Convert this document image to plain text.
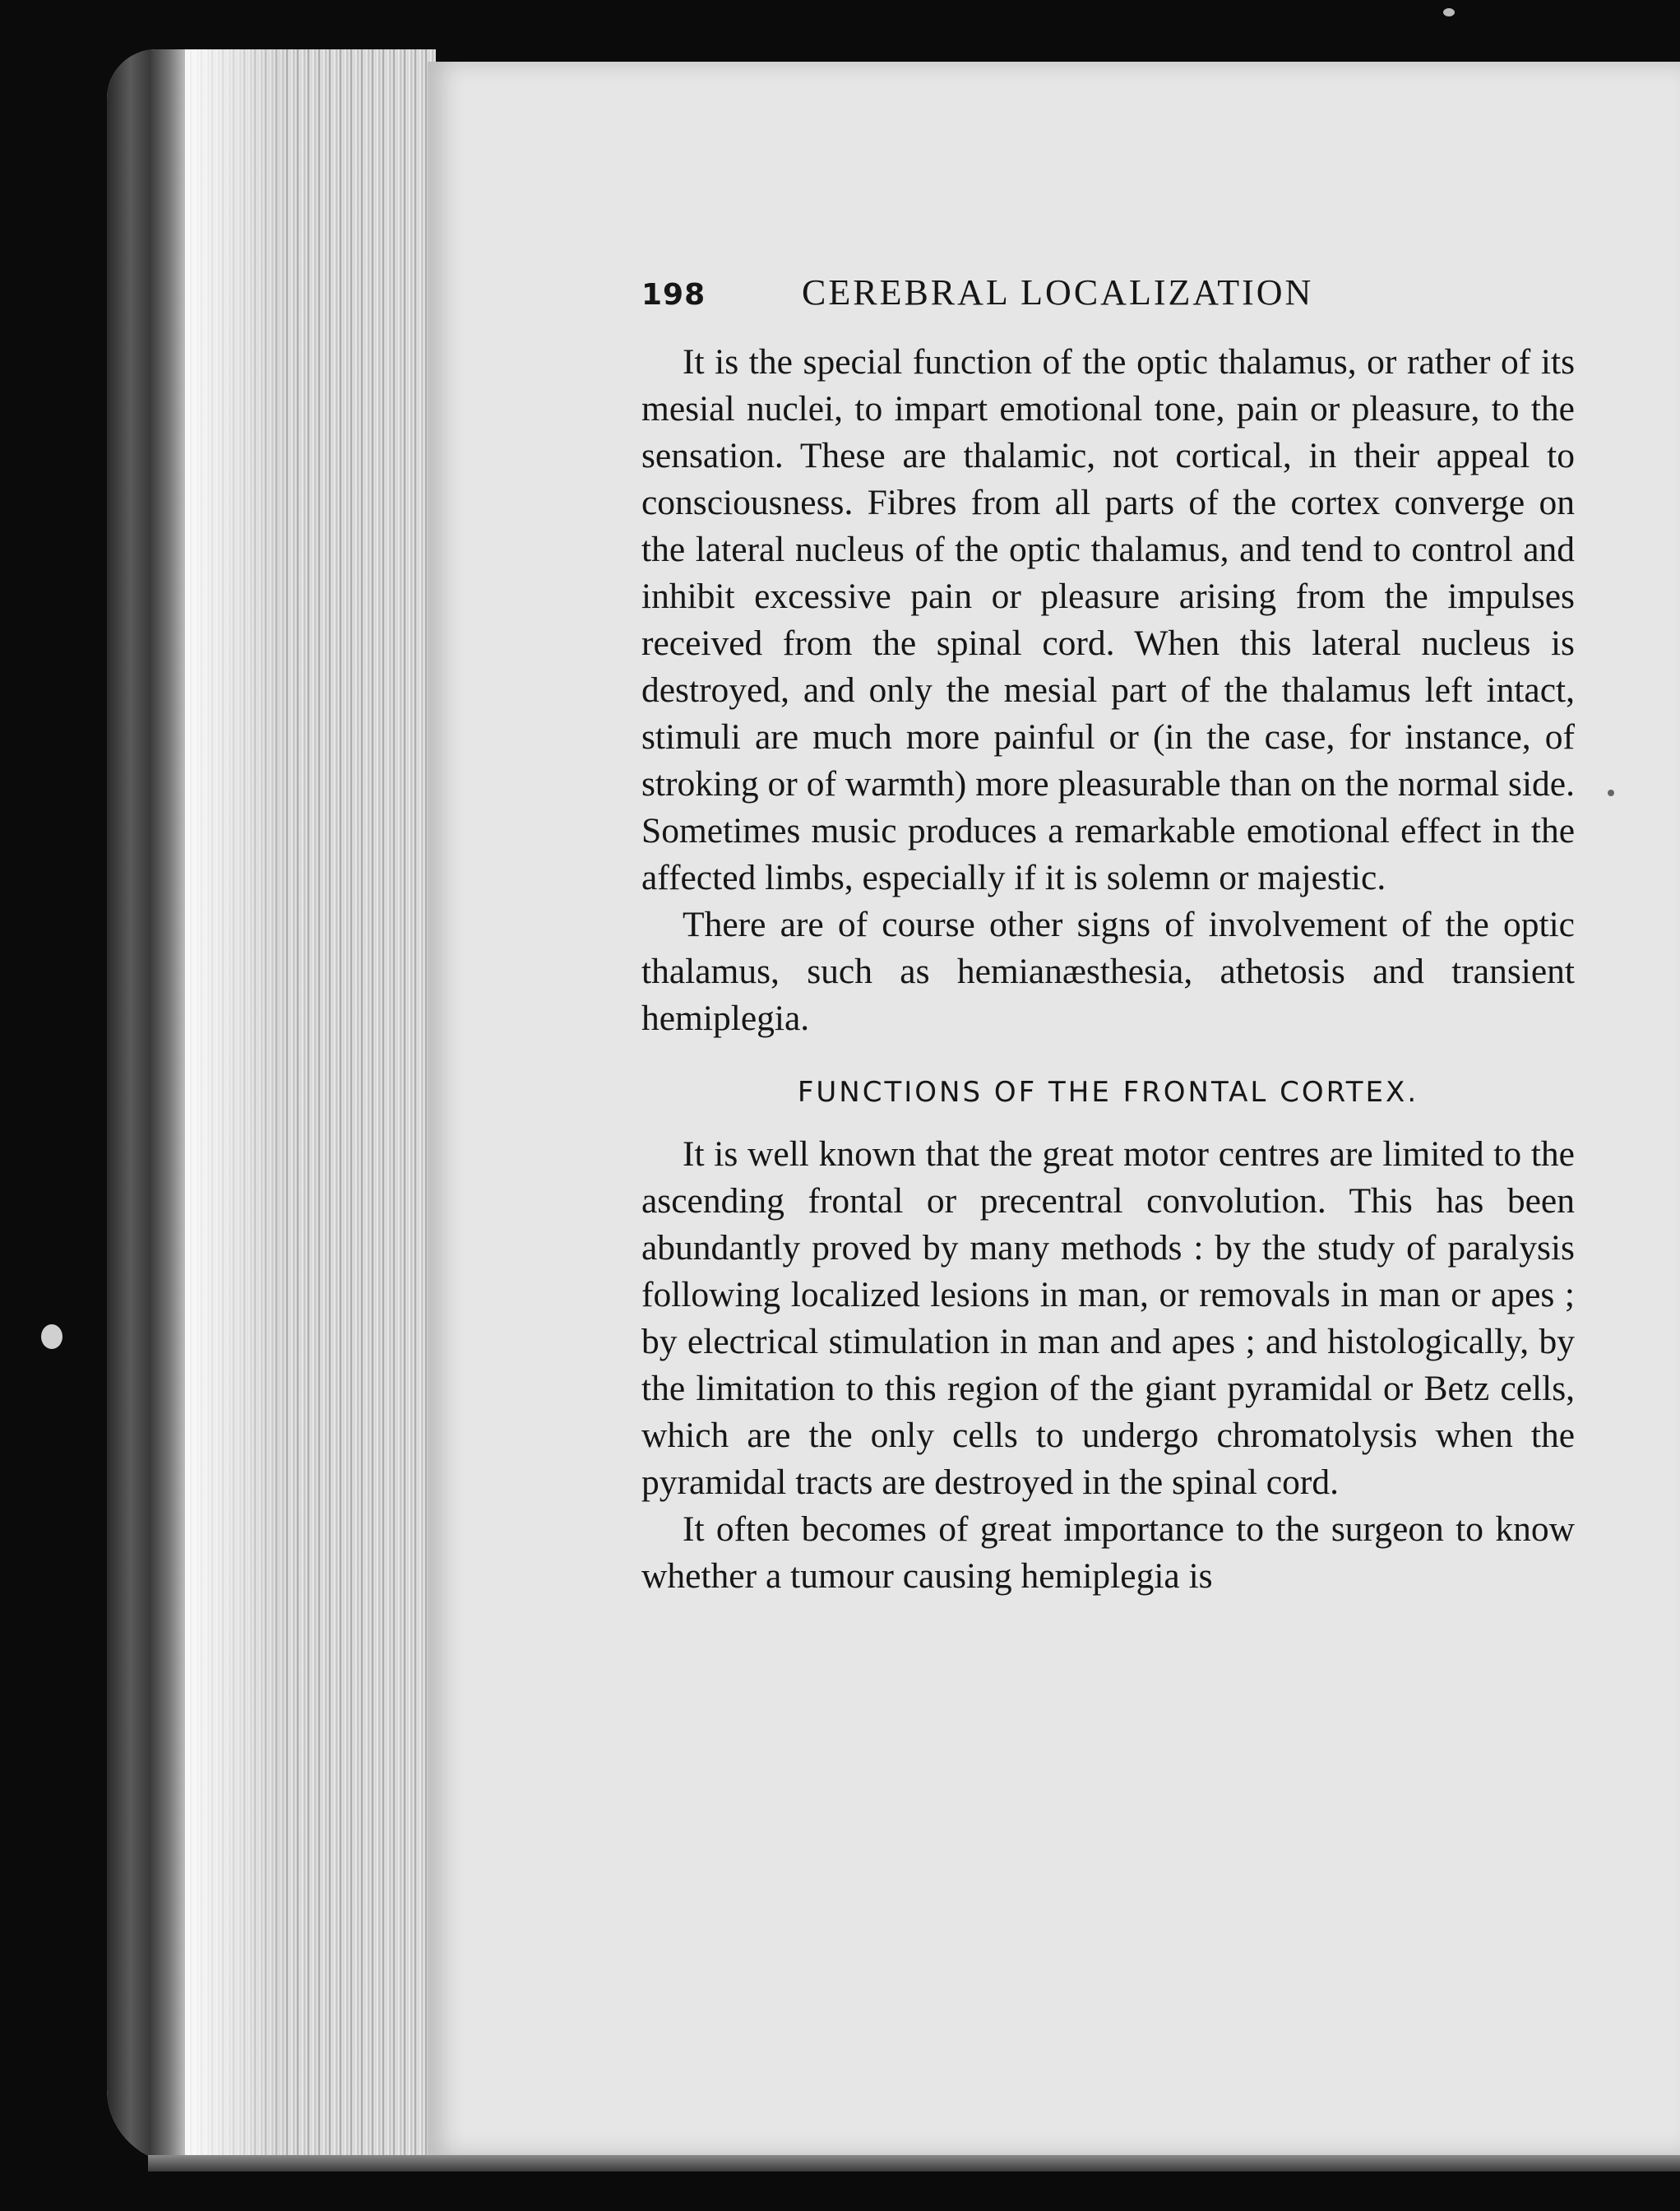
198	CEREBRAL LOCALIZATION

It is the special function of the optic thalamus, or rather of its mesial nuclei, to impart emotional tone, pain or pleasure, to the sensation. These are thalamic, not cortical, in their appeal to consciousness. Fibres from all parts of the cortex converge on the lateral nucleus of the optic thalamus, and tend to control and inhibit excessive pain or pleasure arising from the impulses received from the spinal cord. When this lateral nucleus is destroyed, and only the mesial part of the thalamus left intact, stimuli are much more painful or (in the case, for instance, of stroking or of warmth) more pleasurable than on the normal side. Sometimes music produces a remarkable emotional effect in the affected limbs, especially if it is solemn or majestic.

There are of course other signs of involvement of the optic thalamus, such as hemianæsthesia, athetosis and transient hemiplegia.

FUNCTIONS OF THE FRONTAL CORTEX.

It is well known that the great motor centres are limited to the ascending frontal or precentral convolution. This has been abundantly proved by many methods : by the study of paralysis following localized lesions in man, or removals in man or apes ; by electrical stimulation in man and apes ; and histologically, by the limitation to this region of the giant pyramidal or Betz cells, which are the only cells to undergo chromatolysis when the pyramidal tracts are destroyed in the spinal cord.

It often becomes of great importance to the surgeon to know whether a tumour causing hemiplegia is
